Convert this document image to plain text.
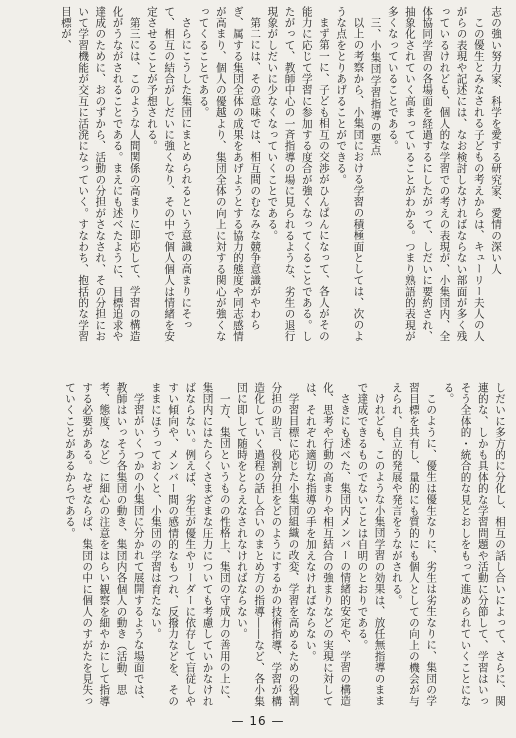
志の強い努力家、科学を愛する研究家、愛情の深い人

この優生とみなされる子どもの考えからは、キューリー夫人の人がらの表現や記述には、なお検討しなければならない部面が多く残っているけれども、個人的な学習での考えの表現が、小集団内、全体協同学習の各場面を経過するにしたがって、しだいに要約され、抽象化されていく高まっていることがわかる。つまり熟語的表現が多くなっていることである。

三、小集団学習指導の要点

以上の考察から、小集団における学習の積極面としては、次のような点をとりあげることができる。

まず第一に、子ども相互の交渉がひんぱんになって、各人がその能力に応じて学習に参加する度合が強くなってくることである。したがって、教師中心の一斉指導の場に見られるような、劣生の退行現象がしだいに少なくなっていくことである。

第二には、その意味では、相互間のむなみな競争意識がやわらぎ、属する集団全体の成果をあげようとする協力的態度や同志感情が高まり、個人の優越より、集団全体の向上に対する関心が強くなってくることである。

さらにこうした集団にまとめられるという意識の高まりにそって、相互の結合がしだいに強くなり、その中で個人個人は情緒を安定させることが予想される。

第三には、このような人間関係の高まりに即応して、学習の構造化がうながされることである。まえにも述べたように、目標追求や達成のために、おのずから、活動の分担がさなされ、その分担において学習機能が交互に活溌になっていく。すなわち、抱括的な学習目標が、

しだいに多方的に分化し、相互の話し合いによって、さらに、関連的な、しかも具体的な学習問題や活動に分節して、学習はいっそう全体的・統合的な見とおしをもって進められていくことになる。

このように、優生は優生なりに、劣生は劣生なりに、集団の学習目標を共有し、量的にも質的にも個人としての向上の機会が与えられ、自立的発展や発言をうながされる。

けれども、このような小集団学習の効果は、放任無指導のままで達成できるものでないことは自明のとおりである。

さきにも述べた、集団内メンバーの情緒的安定や、学習の構造化、思考や行動の高まりや相互結合の強まりなどの実現に対しては、それぞれ適切な指導の手を加えなければならない。

学習目標に応じた小集団組織の改変、学習を高めるための役割分担の助言、役割分担をどのようにするかの技術指導、学習が構造化していく過程の話し合いのまとめ方の指導――など、各小集団に即して随時をとらえなされなければならない。

一方、集団というものの性格上、集団の守成力の善用の上に、集団内にはたらくさまざまな圧力についても考慮していかなければならない。例えば、劣生が優生やリーダーに依存して盲従しやすい傾向や、メンバー間の感情的なもつれ、反撥力などを、そのままにほうっておくと、小集団の学習は育たない。

学習がいくつかの小集団に分かれて展開するような場面では、教師はいっそう各集団の動き、集団内各個人の動き（活動、思考、態度、など）に細心の注意をはらい観察を細やかにして指導する必要がある。なぜならば、集団の中に個人のすがたを見失っていくことがあるからである。

— 16 —
